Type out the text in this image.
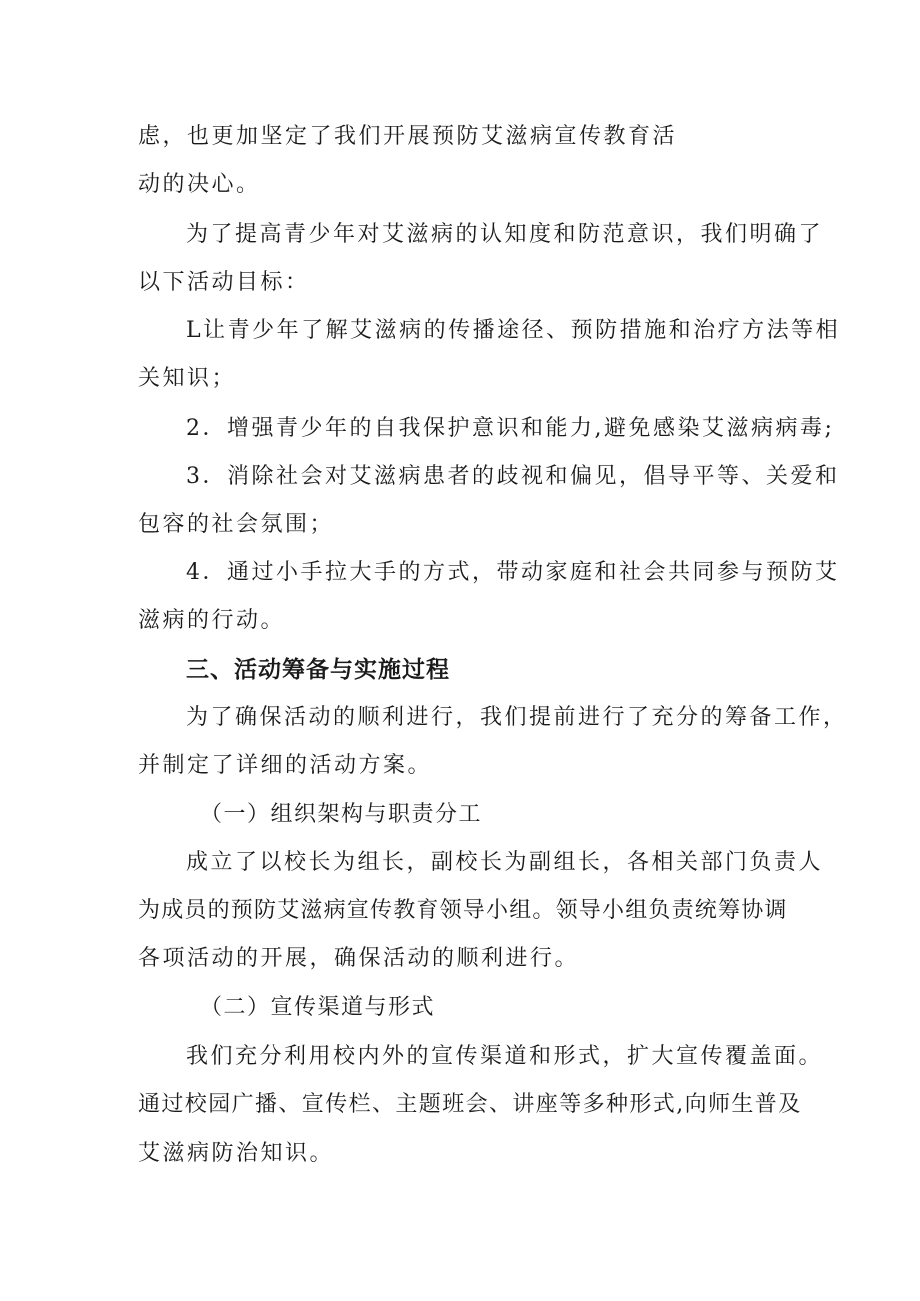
虑，也更加坚定了我们开展预防艾滋病宣传教育活
动的决心。
为了提高青少年对艾滋病的认知度和防范意识，我们明确了
以下活动目标：
L让青少年了解艾滋病的传播途径、预防措施和治疗方法等相
关知识；
2．增强青少年的自我保护意识和能力,避免感染艾滋病病毒;
3．消除社会对艾滋病患者的歧视和偏见，倡导平等、关爱和
包容的社会氛围；
4．通过小手拉大手的方式，带动家庭和社会共同参与预防艾
滋病的行动。
三、活动筹备与实施过程
为了确保活动的顺利进行，我们提前进行了充分的筹备工作，
并制定了详细的活动方案。
（一）组织架构与职责分工
成立了以校长为组长，副校长为副组长，各相关部门负责人
为成员的预防艾滋病宣传教育领导小组。领导小组负责统筹协调
各项活动的开展，确保活动的顺利进行。
（二）宣传渠道与形式
我们充分利用校内外的宣传渠道和形式，扩大宣传覆盖面。
通过校园广播、宣传栏、主题班会、讲座等多种形式,向师生普及
艾滋病防治知识。
